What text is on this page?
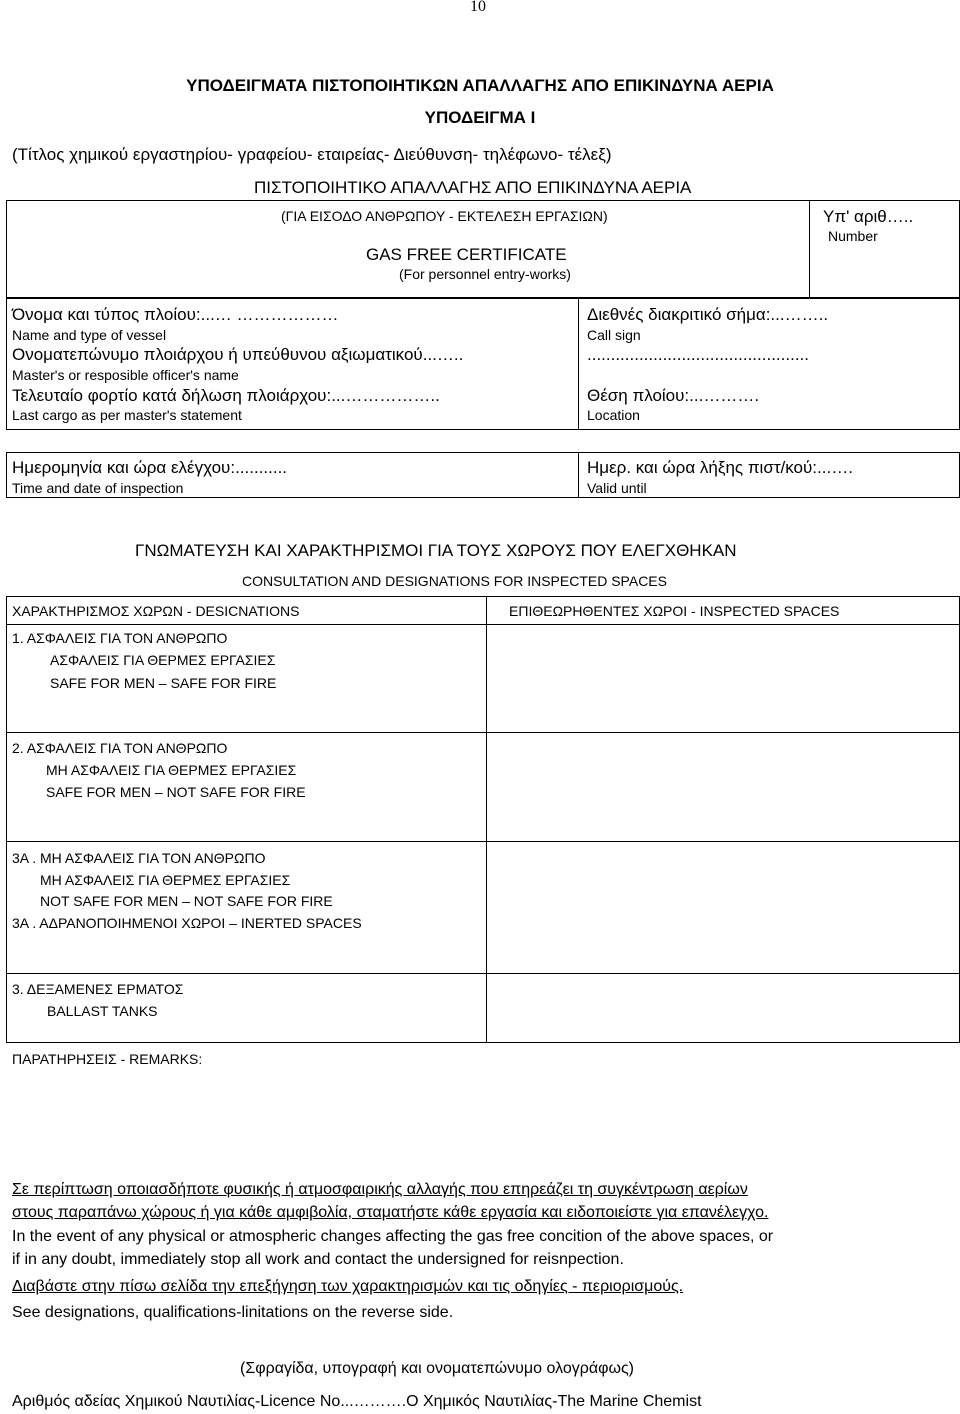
10
ΥΠΟΔΕΙΓΜΑΤΑ ΠΙΣΤΟΠΟΙΗΤΙΚΩΝ ΑΠΑΛΛΑΓΗΣ ΑΠΟ ΕΠΙΚΙΝΔΥΝΑ ΑΕΡΙΑ
ΥΠΟΔΕΙΓΜΑ Ι
(Τίτλος χημικού εργαστηρίου- γραφείου- εταιρείας- Διεύθυνση- τηλέφωνο- τέλεξ)
ΠΙΣΤΟΠΟΙΗΤΙΚΟ ΑΠΑΛΛΑΓΗΣ ΑΠΟ ΕΠΙΚΙΝΔΥΝΑ ΑΕΡΙΑ
(ΓΙΑ ΕΙΣΟΔΟ ΑΝΘΡΩΠΟΥ - ΕΚΤΕΛΕΣΗ ΕΡΓΑΣΙΩΝ)
GAS FREE CERTIFICATE
(For personnel entry-works)
Υπ' αριθ…..
Number
Όνομα και τύπος πλοίου:...… ………………
Name and type of vessel
Ονοματεπώνυμο πλοιάρχου ή υπεύθυνου αξιωματικού...…..
Master's or resposible officer's name
Τελευταίο φορτίο κατά δήλωση πλοιάρχου:...……………..
Last cargo as per master's statement
Διεθνές διακριτικό σήμα:...……..
Call sign
...............................................
Θέση πλοίου:...……….
Location
Ημερομηνία και ώρα ελέγχου:...........
Time and date of inspection
Ημερ. και ώρα λήξης πιστ/κού:...….
Valid until
ΓΝΩΜΑΤΕΥΣΗ ΚΑΙ ΧΑΡΑΚΤΗΡΙΣΜΟΙ ΓΙΑ ΤΟΥΣ ΧΩΡΟΥΣ ΠΟΥ ΕΛΕΓΧΘΗΚΑΝ
CONSULTATION AND DESIGNATIONS FOR INSPECTED SPACES
ΧΑΡΑΚΤΗΡΙΣΜΟΣ ΧΩΡΩΝ - DESICNATIONS	ΕΠΙΘΕΩΡΗΘΕΝΤΕΣ ΧΩΡΟΙ - INSPECTED SPACES
1. ΑΣΦΑΛΕΙΣ ΓΙΑ ΤΟΝ ΑΝΘΡΩΠΟ
ΑΣΦΑΛΕΙΣ ΓΙΑ ΘΕΡΜΕΣ ΕΡΓΑΣΙΕΣ
SAFE FOR MEN – SAFE FOR FIRE
2. ΑΣΦΑΛΕΙΣ ΓΙΑ ΤΟΝ ΑΝΘΡΩΠΟ
ΜΗ ΑΣΦΑΛΕΙΣ ΓΙΑ ΘΕΡΜΕΣ ΕΡΓΑΣΙΕΣ
SAFE FOR MEN – NOT SAFE FOR FIRE
3Α . ΜΗ ΑΣΦΑΛΕΙΣ ΓΙΑ ΤΟΝ ΑΝΘΡΩΠΟ
ΜΗ ΑΣΦΑΛΕΙΣ ΓΙΑ ΘΕΡΜΕΣ ΕΡΓΑΣΙΕΣ
NOT SAFE FOR MEN – NOT SAFE FOR FIRE
3Α . ΑΔΡΑΝΟΠΟΙΗΜΕΝΟΙ ΧΩΡΟΙ – INERTED SPACES
3. ΔΕΞΑΜΕΝΕΣ ΕΡΜΑΤΟΣ
BALLAST TANKS
ΠΑΡΑΤΗΡΗΣΕΙΣ - REMARKS:
Σε περίπτωση οποιασδήποτε φυσικής ή ατμοσφαιρικής αλλαγής που επηρεάζει τη συγκέντρωση αερίων
στους παραπάνω χώρους ή για κάθε αμφιβολία, σταματήστε κάθε εργασία και ειδοποιείστε για επανέλεγχο.
In the event of any physical or atmospheric changes affecting the gas free concition of the above spaces, or
if in any doubt, immediately stop all work and contact the undersigned for reisnpection.
Διαβάστε στην πίσω σελίδα την επεξήγηση των χαρακτηρισμών και τις οδηγίες - περιορισμούς.
See designations, qualifications-linitations on the reverse side.
(Σφραγίδα, υπογραφή και ονοματεπώνυμο ολογράφως)
Αριθμός αδείας Χημικού Ναυτιλίας-Licence No...……….Ο Χημικός Ναυτιλίας-The Marine Chemist
